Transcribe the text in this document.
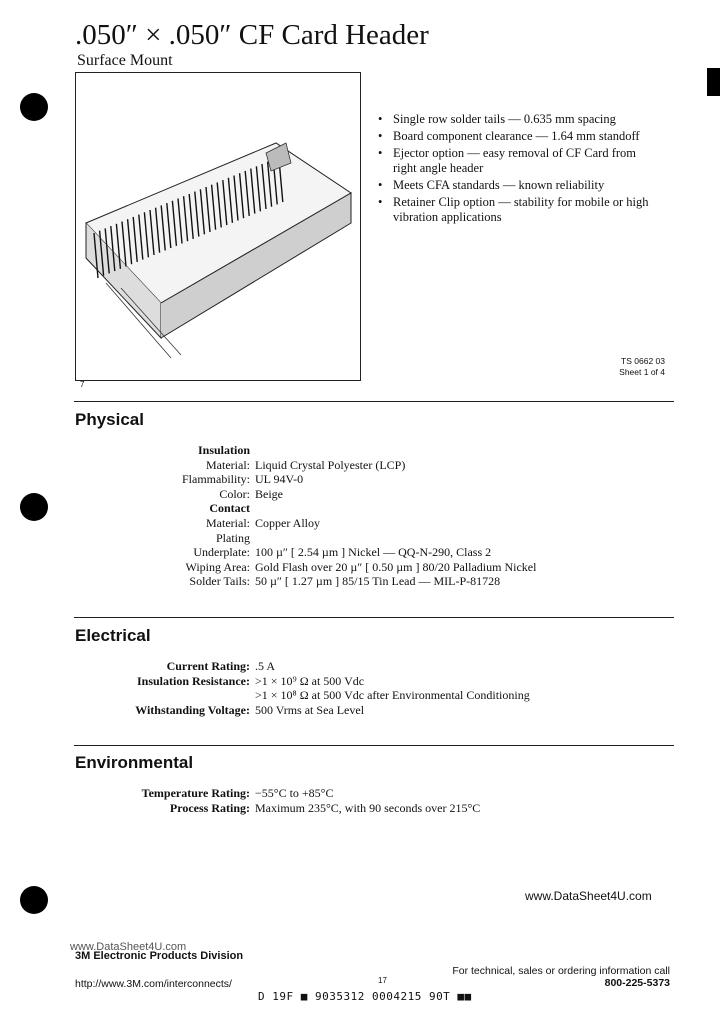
.050″ × .050″ CF Card Header
Surface Mount
7
• Single row solder tails — 0.635 mm spacing
• Board component clearance — 1.64 mm standoff
• Ejector option — easy removal of CF Card from right angle header
• Meets CFA standards — known reliability
• Retainer Clip option — stability for mobile or high vibration applications
TS 0662 03
Sheet 1 of 4
Physical
Insulation
Material: Liquid Crystal Polyester (LCP)
Flammability: UL 94V-0
Color: Beige
Contact
Material: Copper Alloy
Plating
Underplate: 100 µ″ [ 2.54 µm ] Nickel — QQ-N-290, Class 2
Wiping Area: Gold Flash over 20 µ″ [ 0.50 µm ] 80/20 Palladium Nickel
Solder Tails: 50 µ″ [ 1.27 µm ] 85/15 Tin Lead — MIL-P-81728
Electrical
Current Rating: .5 A
Insulation Resistance: >1 × 10⁹ Ω at 500 Vdc
>1 × 10⁸ Ω at 500 Vdc after Environmental Conditioning
Withstanding Voltage: 500 Vrms at Sea Level
Environmental
Temperature Rating: −55°C to +85°C
Process Rating: Maximum 235°C, with 90 seconds over 215°C
www.DataSheet4U.com
www.DataSheet4U.com
3M Electronic Products Division
http://www.3M.com/interconnects/	17
For technical, sales or ordering information call
800-225-5373
D 19F ■ 9035312 0004215 90T ■■
